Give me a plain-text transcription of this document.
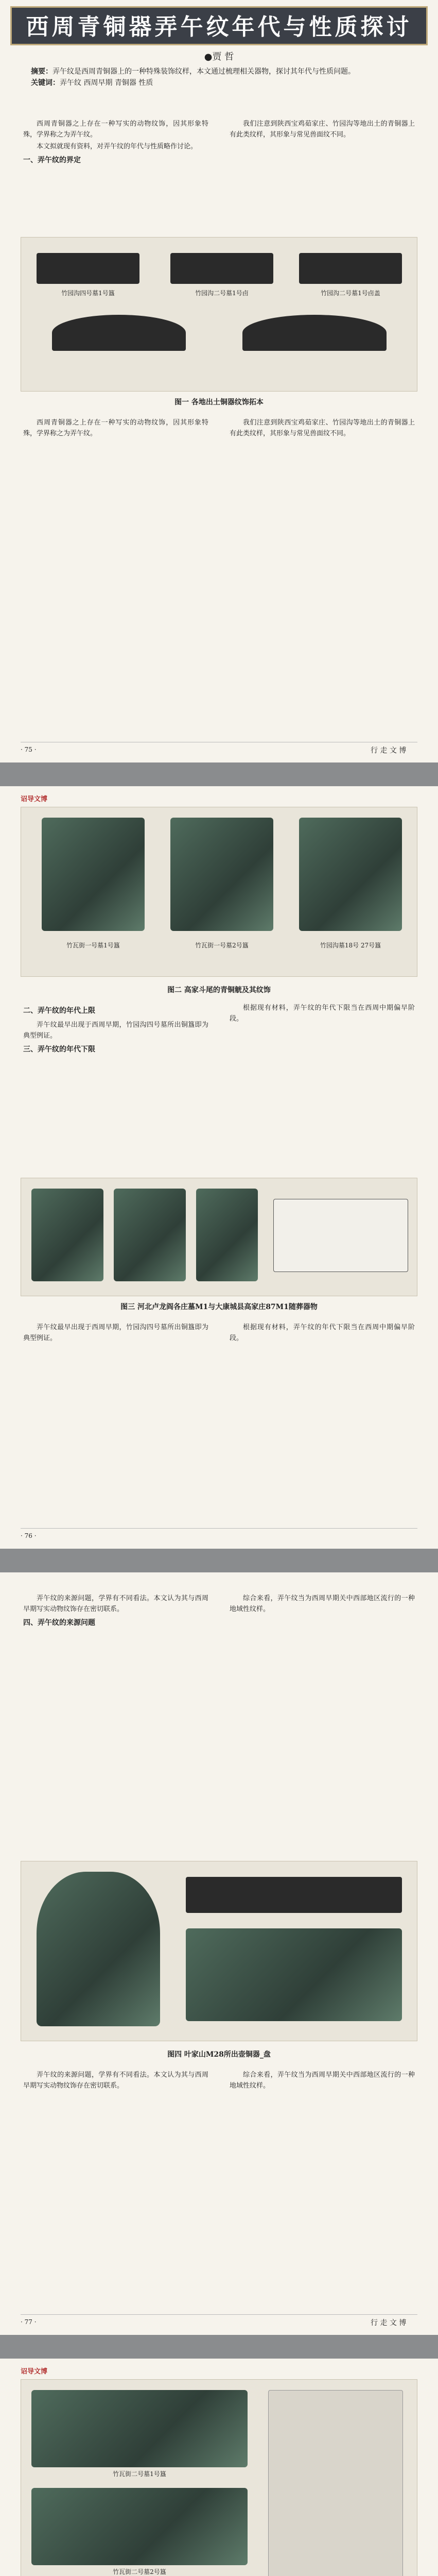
西周青铜器弄午纹年代与性质探讨
●贾 哲
摘要：弄午纹是西周青铜器上的一种特殊装饰纹样，本文通过梳理相关器物，探讨其年代与性质问题。
关键词：弄午纹 西周早期 青铜器 性质

西周青铜器之上存在一种写实的动物纹饰，因其形象特殊，学界称之为弄午纹。

本文拟就现有资料，对弄午纹的年代与性质略作讨论。

一、弄午纹的界定

我们注意到陕西宝鸡茹家庄、竹园沟等地出土的青铜器上有此类纹样，其形象与常见兽面纹不同。

竹园沟四号墓1号簋	竹园沟二号墓1号卣	竹园沟二号墓1号卣盖
图一 各地出土铜器纹饰拓本

西周青铜器之上存在一种写实的动物纹饰，因其形象特殊，学界称之为弄午纹。

我们注意到陕西宝鸡茹家庄、竹园沟等地出土的青铜器上有此类纹样，其形象与常见兽面纹不同。

· 75 ·	行 走 文 博
诏导文博
竹瓦街一号墓1号簋	竹瓦街一号墓2号簋	竹园沟墓18号 27号簋
图二 高家斗尾的青铜觥及其纹饰
二、弄午纹的年代上限

弄午纹最早出现于西周早期，竹园沟四号墓所出铜簋即为典型例证。

三、弄午纹的年代下限

根据现有材料，弄午纹的年代下限当在西周中期偏早阶段。

图三 河北卢龙阎各庄墓M1与大康城县高家庄87M1随葬器物

弄午纹最早出现于西周早期，竹园沟四号墓所出铜簋即为典型例证。

根据现有材料，弄午纹的年代下限当在西周中期偏早阶段。

· 76 ·

弄午纹的来源问题，学界有不同看法。本文认为其与西周早期写实动物纹饰存在密切联系。

四、弄午纹的来源问题

综合来看，弄午纹当为西周早期关中西部地区流行的一种地域性纹样。

图四 叶家山M28所出壶铜器_盘

弄午纹的来源问题，学界有不同看法。本文认为其与西周早期写实动物纹饰存在密切联系。

综合来看，弄午纹当为西周早期关中西部地区流行的一种地域性纹样。

· 77 ·	行 走 文 博
诏导文博
竹瓦街二号墓1号簋
竹瓦街二号墓2号簋
